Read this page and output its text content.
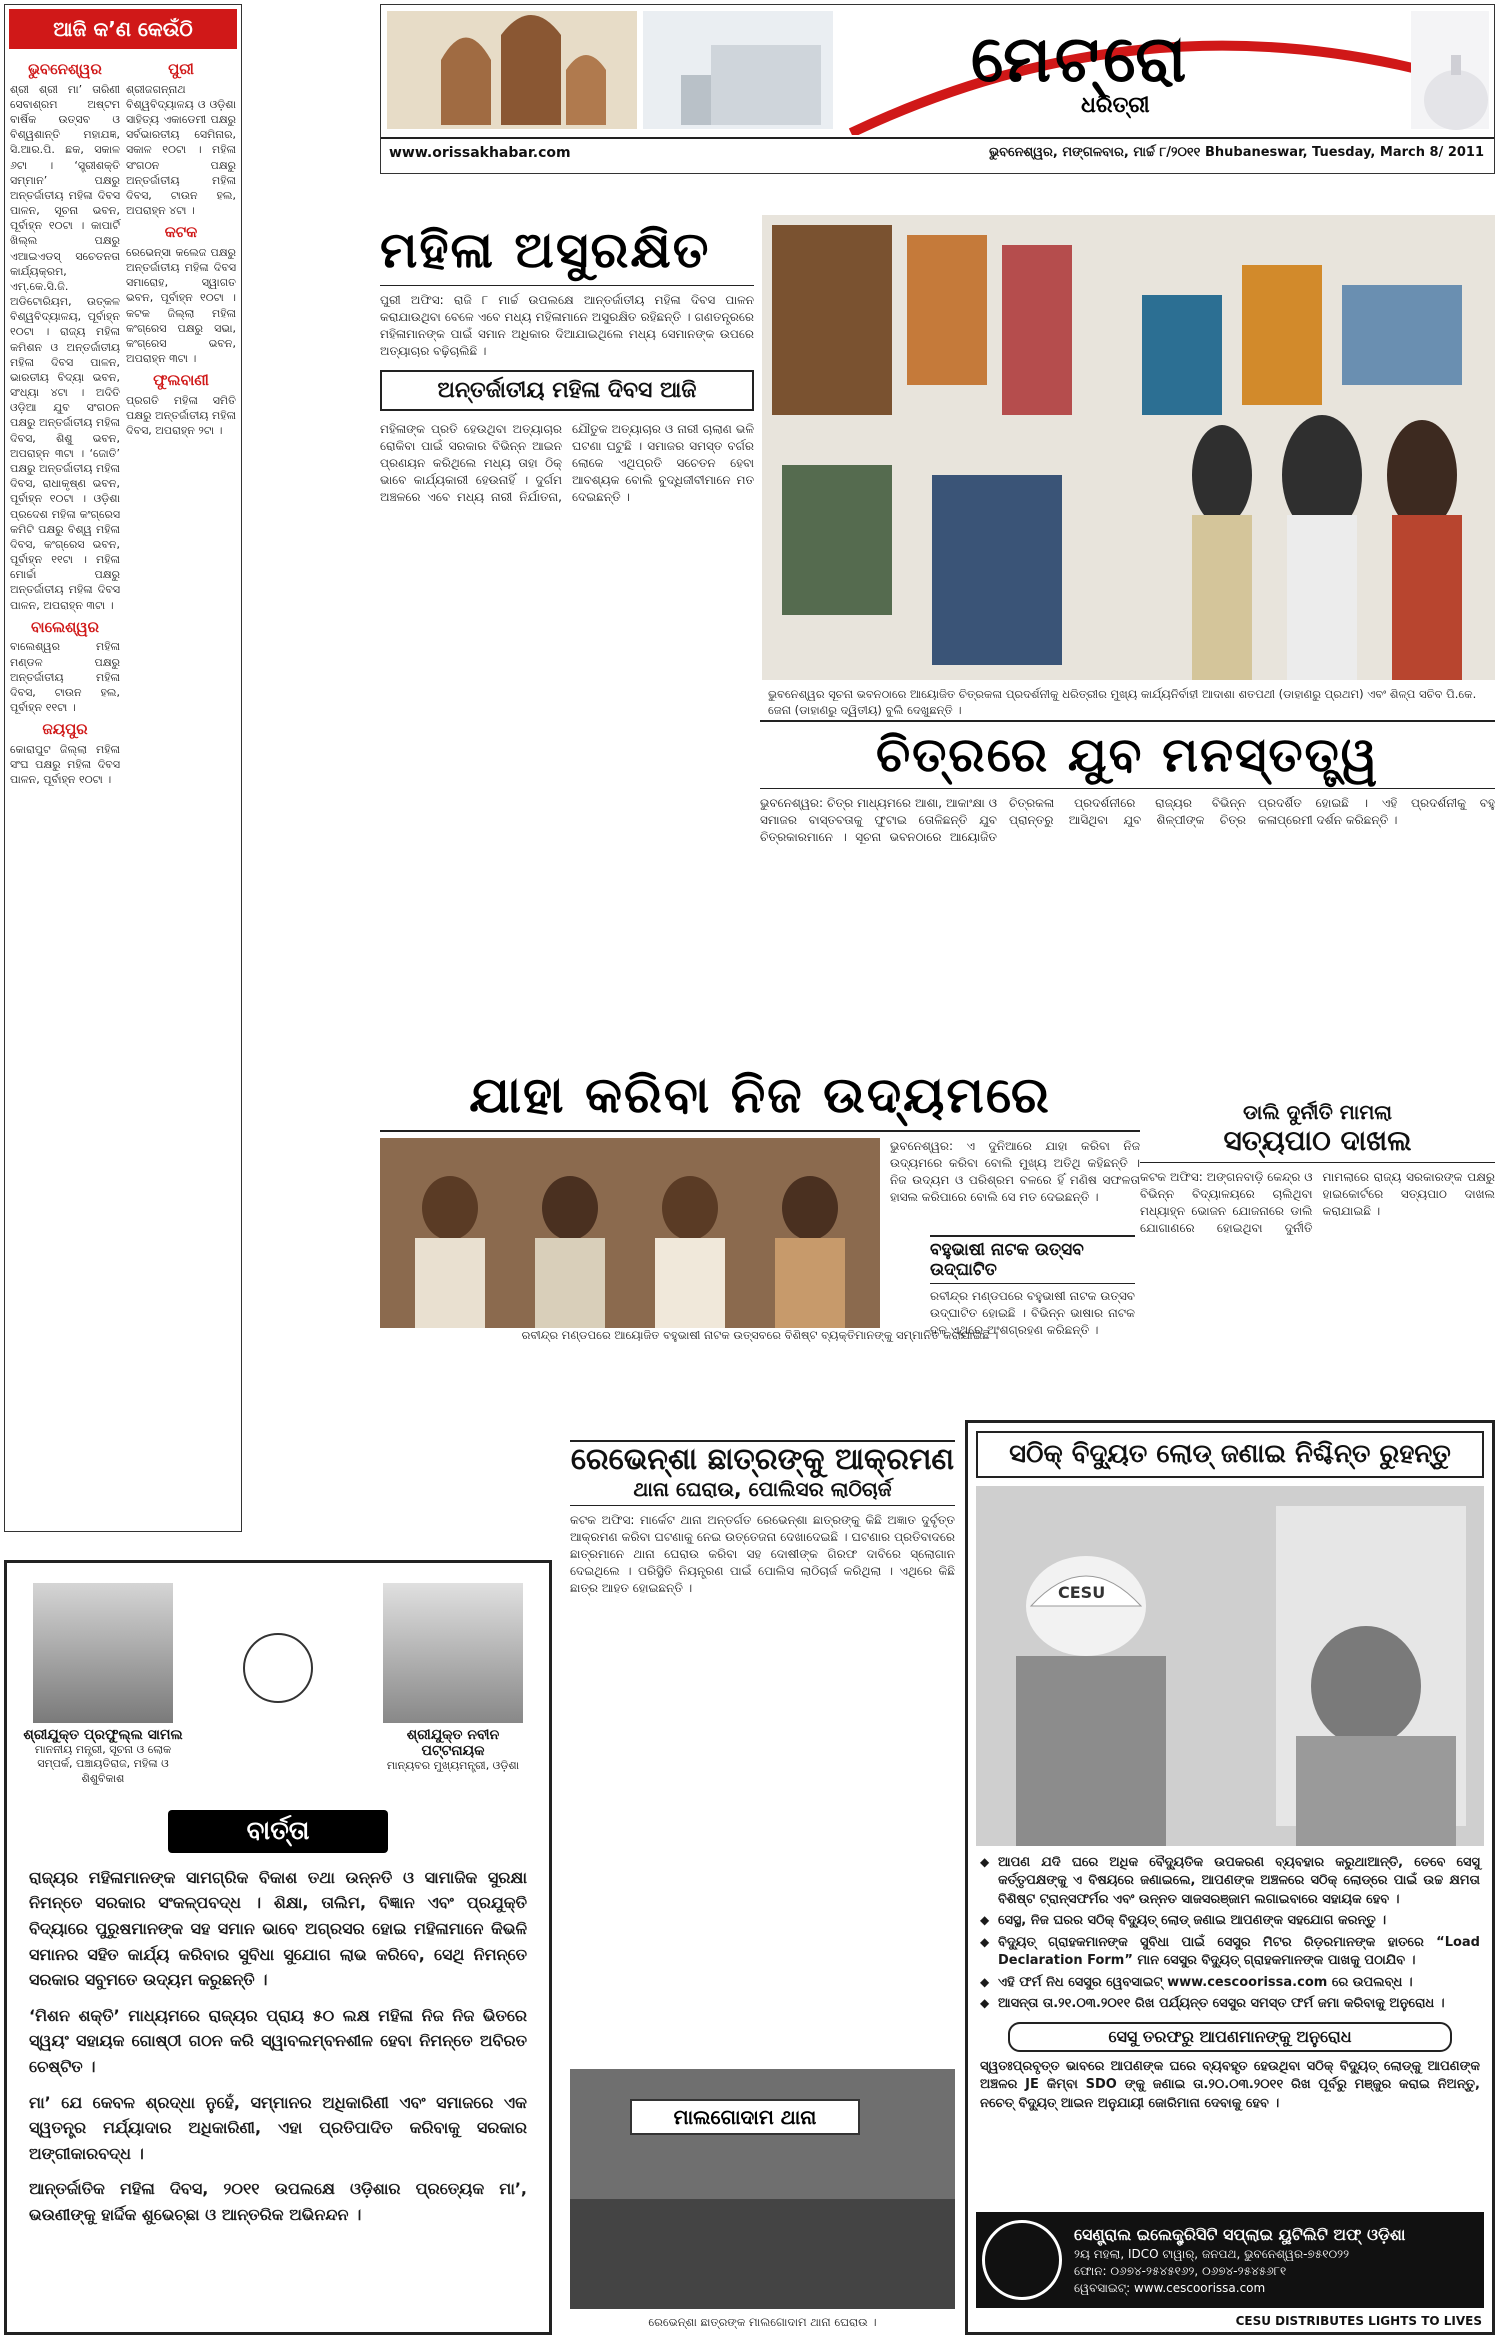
ଆଜି କ’ଣ କେଉଁଠି
ଭୁବନେଶ୍ୱର

ଶ୍ରୀ ଶ୍ରୀ ମା’ ତାରିଣୀ ସେବାଶ୍ରମ ଅଷ୍ଟମ ବାର୍ଷିକ ଉତ୍ସବ ଓ ବିଶ୍ୱଶାନ୍ତି ମହାଯଜ୍ଞ, ସି.ଆର.ପି. ଛକ, ସକାଳ ୬ଟା । ‘ସ୍ତ୍ରୀଶକ୍ତି ସମ୍ମାନ’ ପକ୍ଷରୁ ଅନ୍ତର୍ଜାତୀୟ ମହିଳା ଦିବସ ପାଳନ, ସୂଚନା ଭବନ, ପୂର୍ବାହ୍ନ ୧୦ଟା । କାପାର୍ଟି ଖିଲ୍ଲ ପକ୍ଷରୁ ଏଆଇଏଡସ୍ ସଚେତନତା କାର୍ଯ୍ୟକ୍ରମ, ଏମ୍.କେ.ସି.ଜି. ଅଡିଟୋରିୟମ, ଉତ୍କଳ ବିଶ୍ୱବିଦ୍ୟାଳୟ, ପୂର୍ବାହ୍ନ ୧୦ଟା । ରାଜ୍ୟ ମହିଳା କମିଶନ ଓ ଅନ୍ତର୍ଜାତୀୟ ମହିଳା ଦିବସ ପାଳନ, ଭାରତୀୟ ବିଦ୍ୟା ଭବନ, ସଂଧ୍ୟା ୪ଟା । ଅଦିତି ଓଡ଼ିଆ ଯୁବ ସଂଗଠନ ପକ୍ଷରୁ ଅନ୍ତର୍ଜାତୀୟ ମହିଳା ଦିବସ, ଶିଶୁ ଭବନ, ଅପରାହ୍ନ ୩ଟା । ‘ଜୋତି’ ପକ୍ଷରୁ ଅନ୍ତର୍ଜାତୀୟ ମହିଳା ଦିବସ, ରାଧାକୃଷ୍ଣ ଭବନ, ପୂର୍ବାହ୍ନ ୧୦ଟା । ଓଡ଼ିଶା ପ୍ରଦେଶ ମହିଳା କଂଗ୍ରେସ କମିଟି ପକ୍ଷରୁ ବିଶ୍ୱ ମହିଳା ଦିବସ, କଂଗ୍ରେସ ଭବନ, ପୂର୍ବାହ୍ନ ୧୧ଟା । ମହିଳା ମୋର୍ଚ୍ଚା ପକ୍ଷରୁ ଅନ୍ତର୍ଜାତୀୟ ମହିଳା ଦିବସ ପାଳନ, ଅପରାହ୍ନ ୩ଟା ।

ବାଲେଶ୍ୱର

ବାଲେଶ୍ୱର ମହିଳା ମଣ୍ଡଳ ପକ୍ଷରୁ ଅନ୍ତର୍ଜାତୀୟ ମହିଳା ଦିବସ, ଟାଉନ ହଲ, ପୂର୍ବାହ୍ନ ୧୧ଟା ।

ଜୟପୁର

କୋରାପୁଟ ଜିଲ୍ଲା ମହିଳା ସଂଘ ପକ୍ଷରୁ ମହିଳା ଦିବସ ପାଳନ, ପୂର୍ବାହ୍ନ ୧୦ଟା ।

ପୁରୀ

ଶ୍ରୀଜଗନ୍ନାଥ ବିଶ୍ୱବିଦ୍ୟାଳୟ ଓ ଓଡ଼ିଶା ସାହିତ୍ୟ ଏକାଡେମୀ ପକ୍ଷରୁ ସର୍ବଭାରତୀୟ ସେମିନାର, ସକାଳ ୧୦ଟା । ମହିଳା ସଂଗଠନ ପକ୍ଷରୁ ଅନ୍ତର୍ଜାତୀୟ ମହିଳା ଦିବସ, ଟାଉନ ହଲ, ଅପରାହ୍ନ ୪ଟା ।

କଟକ

ରେଭେନ୍ସା କଲେଜ ପକ୍ଷରୁ ଅନ୍ତର୍ଜାତୀୟ ମହିଳା ଦିବସ ସମାରୋହ, ସ୍ୱାଗତ ଭବନ, ପୂର୍ବାହ୍ନ ୧୦ଟା । କଟକ ଜିଲ୍ଲା ମହିଳା କଂଗ୍ରେସ ପକ୍ଷରୁ ସଭା, କଂଗ୍ରେସ ଭବନ, ଅପରାହ୍ନ ୩ଟା ।

ଫୁଲବାଣୀ

ପ୍ରଗତି ମହିଳା ସମିତି ପକ୍ଷରୁ ଅନ୍ତର୍ଜାତୀୟ ମହିଳା ଦିବସ, ଅପରାହ୍ନ ୨ଟା ।

ମେଟ୍ରୋ
ଧରିତ୍ରୀ
www.orissakhabar.com	ଭୁବନେଶ୍ୱର, ମଙ୍ଗଳବାର, ମାର୍ଚ୍ଚ ୮/୨୦୧୧ Bhubaneswar, Tuesday, March 8/ 2011
ମହିଳା ଅସୁରକ୍ଷିତ
ପୁରୀ ଅଫିସ: ରାଜି ୮ ମାର୍ଚ୍ଚ ଉପଲକ୍ଷେ ଆନ୍ତର୍ଜାତୀୟ ମହିଳା ଦିବସ ପାଳନ କରାଯାଉଥିବା ବେଳେ ଏବେ ମଧ୍ୟ ମହିଳାମାନେ ଅସୁରକ୍ଷିତ ରହିଛନ୍ତି । ଗଣତନ୍ତ୍ରରେ ମହିଳାମାନଙ୍କ ପାଇଁ ସମାନ ଅଧିକାର ଦିଆଯାଇଥିଲେ ମଧ୍ୟ ସେମାନଙ୍କ ଉପରେ ଅତ୍ୟାଚାର ବଢ଼ିଚାଲିଛି ।
ଅନ୍ତର୍ଜାତୀୟ ମହିଳା ଦିବସ ଆଜି
ମହିଳାଙ୍କ ପ୍ରତି ହେଉଥିବା ଅତ୍ୟାଚାର ରୋକିବା ପାଇଁ ସରକାର ବିଭିନ୍ନ ଆଇନ ପ୍ରଣୟନ କରିଥିଲେ ମଧ୍ୟ ତାହା ଠିକ୍ ଭାବେ କାର୍ଯ୍ୟକାରୀ ହେଉନାହିଁ । ଦୁର୍ଗମ ଅଞ୍ଚଳରେ ଏବେ ମଧ୍ୟ ନାରୀ ନିର୍ଯାତନା, ଯୌତୁକ ଅତ୍ୟାଚାର ଓ ନାରୀ ଚାଲାଣ ଭଳି ଘଟଣା ଘଟୁଛି । ସମାଜର ସମସ୍ତ ବର୍ଗର ଲୋକେ ଏଥିପ୍ରତି ସଚେତନ ହେବା ଆବଶ୍ୟକ ବୋଲି ବୁଦ୍ଧିଜୀବୀମାନେ ମତ ଦେଇଛନ୍ତି ।
ଭୁବନେଶ୍ୱର ସୂଚନା ଭବନଠାରେ ଆୟୋଜିତ ଚିତ୍ରକଳା ପ୍ରଦର୍ଶନୀକୁ ଧରିତ୍ରୀର ମୁଖ୍ୟ କାର୍ଯ୍ୟନିର୍ବାହୀ ଆଦାଶା ଶତପଥୀ (ଡାହାଣରୁ ପ୍ରଥମ) ଏବଂ ଶିଳ୍ପ ସଚିବ ପି.କେ. ଜେନା (ଡାହାଣରୁ ଦ୍ୱିତୀୟ) ବୁଲି ଦେଖୁଛନ୍ତି ।
ଚିତ୍ରରେ ଯୁବ ମନସ୍ତତ୍ତ୍ୱ
ଭୁବନେଶ୍ୱର: ଚିତ୍ର ମାଧ୍ୟମରେ ଆଶା, ଆକାଂକ୍ଷା ଓ ସମାଜର ବାସ୍ତବତାକୁ ଫୁଟାଇ ତୋଳିଛନ୍ତି ଯୁବ ଚିତ୍ରକାରମାନେ । ସୂଚନା ଭବନଠାରେ ଆୟୋଜିତ ଚିତ୍ରକଳା ପ୍ରଦର୍ଶନୀରେ ରାଜ୍ୟର ବିଭିନ୍ନ ପ୍ରାନ୍ତରୁ ଆସିଥିବା ଯୁବ ଶିଳ୍ପୀଙ୍କ ଚିତ୍ର ପ୍ରଦର୍ଶିତ ହୋଇଛି । ଏହି ପ୍ରଦର୍ଶନୀକୁ ବହୁ କଳାପ୍ରେମୀ ଦର୍ଶନ କରିଛନ୍ତି ।
ଯାହା କରିବା ନିଜ ଉଦ୍ୟମରେ
ଭୁବନେଶ୍ୱର: ଏ ଦୁନିଆରେ ଯାହା କରିବା ନିଜ ଉଦ୍ୟମରେ କରିବା ବୋଲି ମୁଖ୍ୟ ଅତିଥି କହିଛନ୍ତି । ନିଜ ଉଦ୍ୟମ ଓ ପରିଶ୍ରମ ବଳରେ ହିଁ ମଣିଷ ସଫଳତା ହାସଲ କରିପାରେ ବୋଲି ସେ ମତ ଦେଇଛନ୍ତି ।
ରବୀନ୍ଦ୍ର ମଣ୍ଡପରେ ଆୟୋଜିତ ବହୁଭାଷୀ ନାଟକ ଉତ୍ସବରେ ବିଶିଷ୍ଟ ବ୍ୟକ୍ତିମାନଙ୍କୁ ସମ୍ମାନିତ କରାଯାଇଛି ।
ଡାଲି ଦୁର୍ନୀତି ମାମଲା
ସତ୍ୟପାଠ ଦାଖଲ
କଟକ ଅଫିସ: ଅଙ୍ଗନବାଡ଼ି କେନ୍ଦ୍ର ଓ ବିଭିନ୍ନ ବିଦ୍ୟାଳୟରେ ଚାଲିଥିବା ମଧ୍ୟାହ୍ନ ଭୋଜନ ଯୋଜନାରେ ଡାଲି ଯୋଗାଣରେ ହୋଇଥିବା ଦୁର୍ନୀତି ମାମଲାରେ ରାଜ୍ୟ ସରକାରଙ୍କ ପକ୍ଷରୁ ହାଇକୋର୍ଟରେ ସତ୍ୟପାଠ ଦାଖଲ କରାଯାଇଛି ।
ବହୁଭାଷୀ ନାଟକ ଉତ୍ସବ ଉଦ୍‌ଘାଟିତ
ରବୀନ୍ଦ୍ର ମଣ୍ଡପରେ ବହୁଭାଷୀ ନାଟକ ଉତ୍ସବ ଉଦ୍‌ଘାଟିତ ହୋଇଛି । ବିଭିନ୍ନ ଭାଷାର ନାଟକ ଦଳ ଏଥିରେ ଅଂଶଗ୍ରହଣ କରିଛନ୍ତି ।
ସଠିକ୍ ବିଦ୍ୟୁତ ଲୋଡ୍ ଜଣାଇ ନିଶ୍ଚିନ୍ତ ରୁହନ୍ତୁ
CESU
◆ ଆପଣ ଯଦି ଘରେ ଅଧିକ ବୈଦ୍ୟୁତିକ ଉପକରଣ ବ୍ୟବହାର କରୁଥାଆନ୍ତି, ତେବେ ସେସୁ କର୍ତ୍ତୃପକ୍ଷଙ୍କୁ ଏ ବିଷୟରେ ଜଣାଇଲେ, ଆପଣଙ୍କ ଅଞ୍ଚଳରେ ସଠିକ୍ ଲୋଡ୍‌ରେ ପାଇଁ ଉଚ୍ଚ କ୍ଷମତା ବିଶିଷ୍ଟ ଟ୍ରାନ୍ସଫର୍ମର ଏବଂ ଉନ୍ନତ ସାଜସରଞ୍ଜାମ ଲଗାଇବାରେ ସହାୟକ ହେବ ।
◆ ସେସ୍ଥ, ନିଜ ଘରର ସଠିକ୍ ବିଦ୍ୟୁତ୍ ଲୋଡ୍ ଜଣାଇ ଆପଣଙ୍କ ସହଯୋଗ କରନ୍ତୁ ।
◆ ବିଦ୍ୟୁତ୍ ଗ୍ରାହକମାନଙ୍କ ସୁବିଧା ପାଇଁ ସେସୁର ମିଟର ରିଡ଼ରମାନଙ୍କ ହାତରେ “Load Declaration Form” ମାନ ସେସୁର ବିଦ୍ୟୁତ୍ ଗ୍ରାହକମାନଙ୍କ ପାଖକୁ ପଠାଯିବ ।
◆ ଏହି ଫର୍ମ ନିଧ ସେସୁର ୱେବସାଇଟ୍ www.cescoorissa.com ରେ ଉପଲବ୍ଧ ।
◆ ଆସନ୍ତା ତା.୨୧.୦୩.୨୦୧୧ ରିଖ ପର୍ଯ୍ୟନ୍ତ ସେସୁର ସମସ୍ତ ଫର୍ମ ଜମା କରିବାକୁ ଅନୁରୋଧ ।
ସେସୁ ତରଫରୁ ଆପଣମାନଙ୍କୁ ଅନୁରୋଧ
ସ୍ୱତଃପ୍ରବୃତ୍ତ ଭାବରେ ଆପଣଙ୍କ ଘରେ ବ୍ୟବହୃତ ହେଉଥିବା ସଠିକ୍ ବିଦ୍ୟୁତ୍ ଲୋଡ୍‌କୁ ଆପଣଙ୍କ ଅଞ୍ଚଳର JE କିମ୍ବା SDO ଙ୍କୁ ଜଣାଇ ତା.୨୦.୦୩.୨୦୧୧ ରିଖ ପୂର୍ବରୁ ମଞ୍ଜୁର କରାଇ ନିଅନ୍ତୁ, ନଚେତ୍ ବିଦ୍ୟୁତ୍ ଆଇନ ଅନୁଯାୟୀ ଜୋରିମାନା ଦେବାକୁ ହେବ ।
ସେଣ୍ଟ୍ରାଲ ଇଲେକ୍ଟ୍ରିସିଟି ସପ୍ଲାଇ ୟୁଟିଲିଟି ଅଫ୍ ଓଡ଼ିଶା
୨ୟ ମହଲା, IDCO ଟାୱାର୍, ଜନପଥ, ଭୁବନେଶ୍ୱର-୭୫୧୦୨୨
ଫୋନ: ୦୬୭୪-୨୫୪୫୧୬୨, ୦୬୭୪-୨୫୪୫୬୮୧
ୱେବସାଇଟ୍: www.cescoorissa.com
CESU DISTRIBUTES LIGHTS TO LIVES
ରେଭେନ୍‌ଶା ଛାତ୍ରଙ୍କୁ ଆକ୍ରମଣ
ଥାନା ଘେରାଉ, ପୋଲିସର ଲାଠିଚାର୍ଜ
କଟକ ଅଫିସ: ମାର୍କେଟ ଥାନା ଅନ୍ତର୍ଗତ ରେଭେନ୍‌ଶା ଛାତ୍ରଙ୍କୁ କିଛି ଅଜ୍ଞାତ ଦୁର୍ବୃତ୍ତ ଆକ୍ରମଣ କରିବା ଘଟଣାକୁ ନେଇ ଉତ୍ତେଜନା ଦେଖାଦେଇଛି । ଘଟଣାର ପ୍ରତିବାଦରେ ଛାତ୍ରମାନେ ଥାନା ଘେରାଉ କରିବା ସହ ଦୋଷୀଙ୍କ ଗିରଫ ଦାବିରେ ସ୍ଲୋଗାନ ଦେଇଥିଲେ । ପରିସ୍ଥିତି ନିୟନ୍ତ୍ରଣ ପାଇଁ ପୋଲିସ ଲାଠିଚାର୍ଜ କରିଥିଲା । ଏଥିରେ କିଛି ଛାତ୍ର ଆହତ ହୋଇଛନ୍ତି ।
ମାଲଗୋଦାମ ଥାନା
ରେଭେନ୍‌ଶା ଛାତ୍ରଙ୍କ ମାଲଗୋଦାମ ଥାନା ଘେରାଉ ।
ଶ୍ରୀଯୁକ୍ତ ପ୍ରଫୁଲ୍ଲ ସାମଲ
ମାନନୀୟ ମନ୍ତ୍ରୀ, ସୂଚନା ଓ ଲୋକ ସମ୍ପର୍କ, ପଞ୍ଚାୟତିରାଜ, ମହିଳା ଓ ଶିଶୁବିକାଶ
ଶ୍ରୀଯୁକ୍ତ ନବୀନ ପଟ୍ଟନାୟକ
ମାନ୍ୟବର ମୁଖ୍ୟମନ୍ତ୍ରୀ, ଓଡ଼ିଶା
ବାର୍ତ୍ତା

ରାଜ୍ୟର ମହିଳାମାନଙ୍କ ସାମଗ୍ରିକ ବିକାଶ ତଥା ଉନ୍ନତି ଓ ସାମାଜିକ ସୁରକ୍ଷା ନିମନ୍ତେ ସରକାର ସଂକଳ୍ପବଦ୍ଧ । ଶିକ୍ଷା, ତାଲିମ, ବିଜ୍ଞାନ ଏବଂ ପ୍ରଯୁକ୍ତି ବିଦ୍ୟାରେ ପୁରୁଷମାନଙ୍କ ସହ ସମାନ ଭାବେ ଅଗ୍ରସର ହୋଇ ମହିଳାମାନେ କିଭଳି ସମାନର ସହିତ କାର୍ଯ୍ୟ କରିବାର ସୁବିଧା ସୁଯୋଗ ଲାଭ କରିବେ, ସେଥି ନିମନ୍ତେ ସରକାର ସବୁମତେ ଉଦ୍ୟମ କରୁଛନ୍ତି ।

‘ମିଶନ ଶକ୍ତି’ ମାଧ୍ୟମରେ ରାଜ୍ୟର ପ୍ରାୟ ୫୦ ଲକ୍ଷ ମହିଳା ନିଜ ନିଜ ଭିତରେ ସ୍ୱୟଂ ସହାୟକ ଗୋଷ୍ଠୀ ଗଠନ କରି ସ୍ୱାବଲମ୍ବନଶୀଳ ହେବା ନିମନ୍ତେ ଅବିରତ ଚେଷ୍ଟିତ ।

ମା’ ଯେ କେବଳ ଶ୍ରଦ୍ଧା ନୁହେଁ, ସମ୍ମାନର ଅଧିକାରିଣୀ ଏବଂ ସମାଜରେ ଏକ ସ୍ୱତନ୍ତ୍ର ମର୍ଯ୍ୟାଦାର ଅଧିକାରିଣୀ, ଏହା ପ୍ରତିପାଦିତ କରିବାକୁ ସରକାର ଅଙ୍ଗୀକାରବଦ୍ଧ ।

ଆନ୍ତର୍ଜାତିକ ମହିଳା ଦିବସ, ୨୦୧୧ ଉପଲକ୍ଷେ ଓଡ଼ିଶାର ପ୍ରତ୍ୟେକ ମା’, ଭଉଣୀଙ୍କୁ ହାର୍ଦ୍ଦିକ ଶୁଭେଚ୍ଛା ଓ ଆନ୍ତରିକ ଅଭିନନ୍ଦନ ।
